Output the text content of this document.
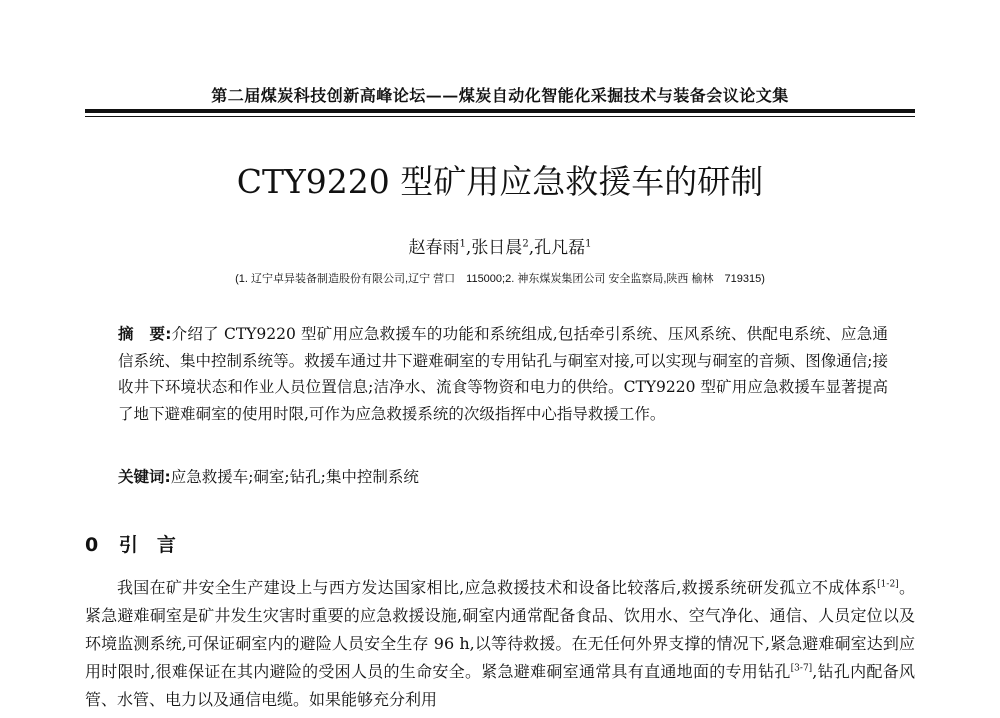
第二届煤炭科技创新高峰论坛——煤炭自动化智能化采掘技术与装备会议论文集
CTY9220 型矿用应急救援车的研制
赵春雨$^1$,张日晨$^2$,孔凡磊$^1$
(1. 辽宁卓异装备制造股份有限公司,辽宁 营口　115000;2. 神东煤炭集团公司 安全监察局,陕西 榆林　719315)
摘　要:介绍了 CTY9220 型矿用应急救援车的功能和系统组成,包括牵引系统、压风系统、供配电系统、应急通信系统、集中控制系统等。救援车通过井下避难硐室的专用钻孔与硐室对接,可以实现与硐室的音频、图像通信;接收井下环境状态和作业人员位置信息;洁净水、流食等物资和电力的供给。CTY9220 型矿用应急救援车显著提高了地下避难硐室的使用时限,可作为应急救援系统的次级指挥中心指导救援工作。
关键词:应急救援车;硐室;钻孔;集中控制系统
0 引　言

我国在矿井安全生产建设上与西方发达国家相比,应急救援技术和设备比较落后,救援系统研发孤立不成体系[1-2]。紧急避难硐室是矿井发生灾害时重要的应急救援设施,硐室内通常配备食品、饮用水、空气净化、通信、人员定位以及环境监测系统,可保证硐室内的避险人员安全生存 96 h,以等待救援。在无任何外界支撑的情况下,紧急避难硐室达到应用时限时,很难保证在其内避险的受困人员的生命安全。紧急避难硐室通常具有直通地面的专用钻孔[3-7],钻孔内配备风管、水管、电力以及通信电缆。如果能够充分利用
